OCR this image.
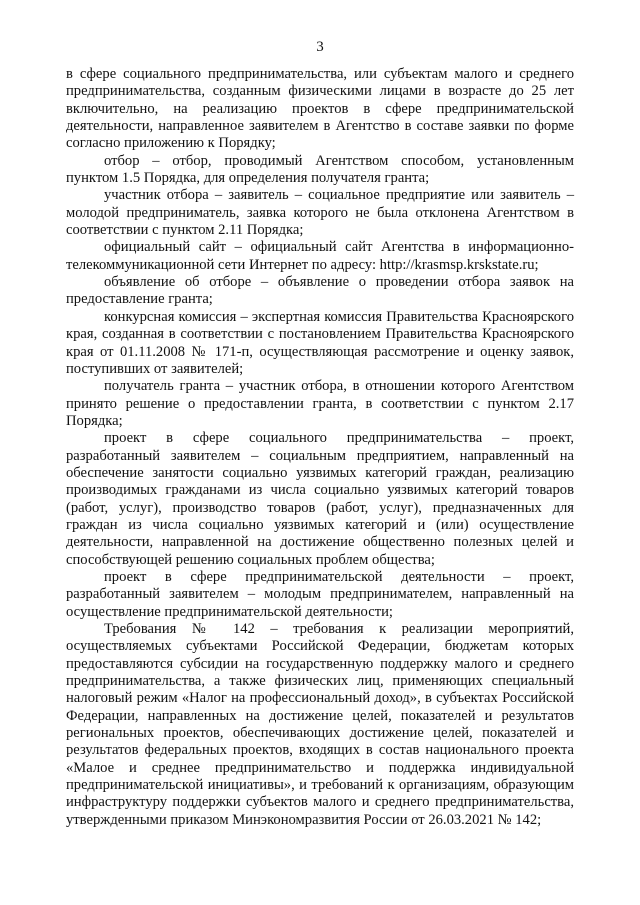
3

в сфере социального предпринимательства, или субъектам малого и среднего предпринимательства, созданным физическими лицами в возрасте до 25 лет включительно, на реализацию проектов в сфере предпринимательской деятельности, направленное заявителем в Агентство в составе заявки по форме согласно приложению к Порядку;

отбор – отбор, проводимый Агентством способом, установленным пунктом 1.5 Порядка, для определения получателя гранта;

участник отбора – заявитель – социальное предприятие или заявитель – молодой предприниматель, заявка которого не была отклонена Агентством в соответствии с пунктом 2.11 Порядка;

официальный сайт – официальный сайт Агентства в информационно-телекоммуникационной сети Интернет по адресу: http://krasmsp.krskstate.ru;

объявление об отборе – объявление о проведении отбора заявок на предоставление гранта;

конкурсная комиссия – экспертная комиссия Правительства Красноярского края, созданная в соответствии с постановлением Правительства Красноярского края от 01.11.2008 № 171-п, осуществляющая рассмотрение и оценку заявок, поступивших от заявителей;

получатель гранта – участник отбора, в отношении которого Агентством принято решение о предоставлении гранта, в соответствии с пунктом 2.17 Порядка;

проект в сфере социального предпринимательства – проект, разработанный заявителем – социальным предприятием, направленный на обеспечение занятости социально уязвимых категорий граждан, реализацию производимых гражданами из числа социально уязвимых категорий товаров (работ, услуг), производство товаров (работ, услуг), предназначенных для граждан из числа социально уязвимых категорий и (или) осуществление деятельности, направленной на достижение общественно полезных целей и способствующей решению социальных проблем общества;

проект в сфере предпринимательской деятельности – проект, разработанный заявителем – молодым предпринимателем, направленный на осуществление предпринимательской деятельности;

Требования № 142 – требования к реализации мероприятий, осуществляемых субъектами Российской Федерации, бюджетам которых предоставляются субсидии на государственную поддержку малого и среднего предпринимательства, а также физических лиц, применяющих специальный налоговый режим «Налог на профессиональный доход», в субъектах Российской Федерации, направленных на достижение целей, показателей и результатов региональных проектов, обеспечивающих достижение целей, показателей и результатов федеральных проектов, входящих в состав национального проекта «Малое и среднее предпринимательство и поддержка индивидуальной предпринимательской инициативы», и требований к организациям, образующим инфраструктуру поддержки субъектов малого и среднего предпринимательства, утвержденными приказом Минэкономразвития России от 26.03.2021 № 142;
